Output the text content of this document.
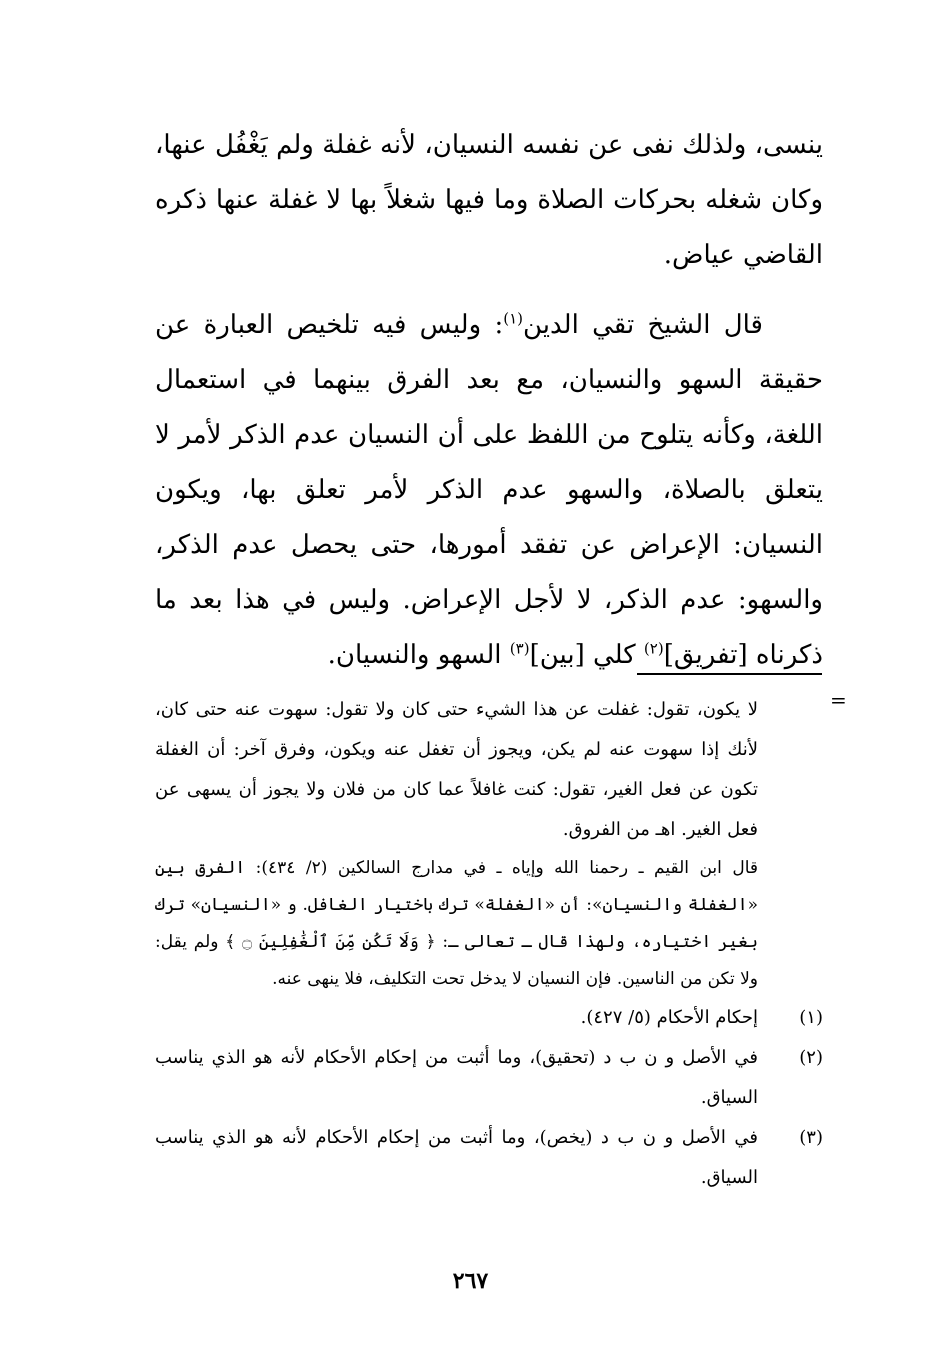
ينسى، ولذلك نفى عن نفسه النسيان، لأنه غفلة ولم يَغْفُل عنها، وكان شغله بحركات الصلاة وما فيها شغلاً بها لا غفلة عنها ذكره القاضي عياض.

قال الشيخ تقي الدين$^{(١)}$: وليس فيه تلخيص العبارة عن حقيقة السهو والنسيان، مع بعد الفرق بينهما في استعمال اللغة، وكأنه يتلوح من اللفظ على أن النسيان عدم الذكر لأمر لا يتعلق بالصلاة، والسهو عدم الذكر لأمر تعلق بها، ويكون النسيان: الإعراض عن تفقد أمورها، حتى يحصل عدم الذكر، والسهو: عدم الذكر، لا لأجل الإعراض. وليس في هذا بعد ما ذكرناه [تفريق]$^{(٢)}$ كلي [بين]$^{(٣)}$ السهو والنسيان.

=

لا يكون، تقول: غفلت عن هذا الشيء حتى كان ولا تقول: سهوت عنه حتى كان، لأنك إذا سهوت عنه لم يكن، ويجوز أن تغفل عنه ويكون، وفرق آخر: أن الغفلة تكون عن فعل الغير، تقول: كنت غافلاً عما كان من فلان ولا يجوز أن يسهى عن فعل الغير. اهـ من الفروق.

قال ابن القيم ـ رحمنا الله وإياه ـ في مدارج السالكين (٢/ ٤٣٤): الفرق بين «الغفلة والنسيان»: أن «الغفلة» ترك باختيار الغافل. و «النسيان» ترك بغير اختياره، ولهذا قال ـ تعالى ـ: ﴿ وَلَا تَكُن مِّنَ ٱلْغَٰفِلِينَ ۝ ﴾ ولم يقل: ولا تكن من الناسين. فإن النسيان لا يدخل تحت التكليف، فلا ينهى عنه.

(١)
إحكام الأحكام (٥/ ٤٢٧).

(٢)
في الأصل و ن ب د (تحقيق)، وما أثبت من إحكام الأحكام لأنه هو الذي يناسب السياق.

(٣)
في الأصل و ن ب د (يخص)، وما أثبت من إحكام الأحكام لأنه هو الذي يناسب السياق.

٢٦٧
